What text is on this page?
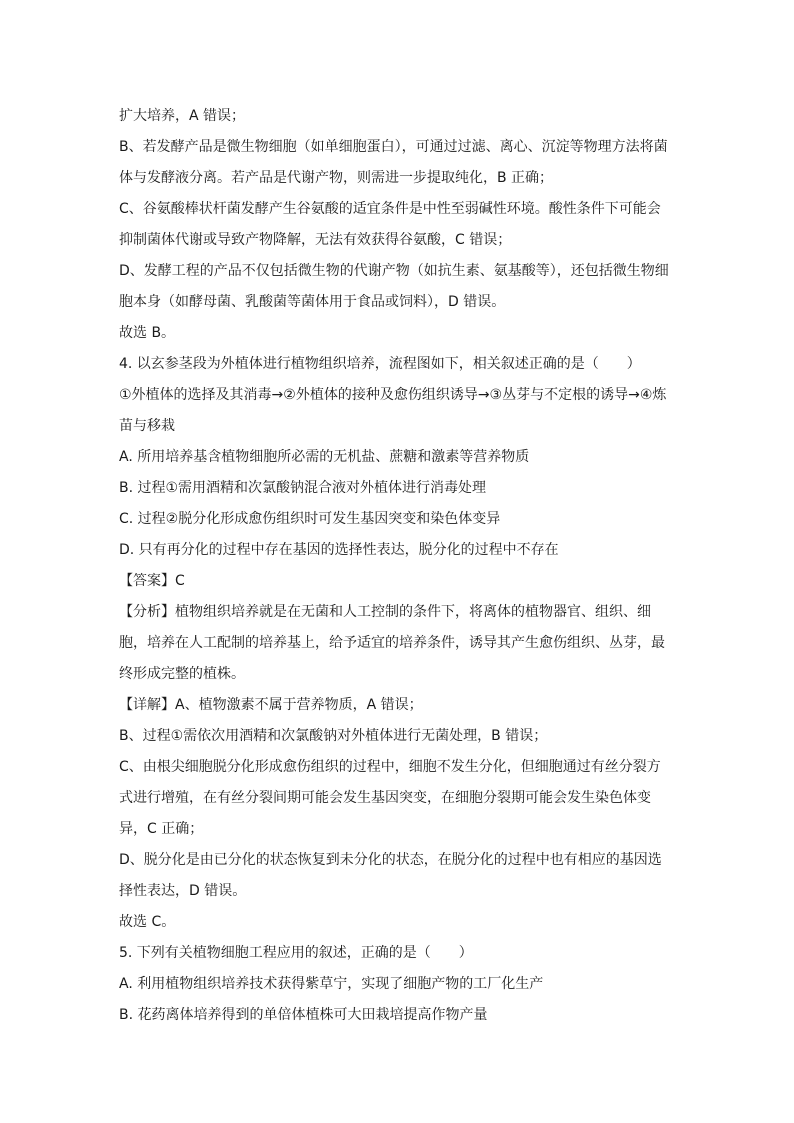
扩大培养，A 错误；

B、若发酵产品是微生物细胞（如单细胞蛋白），可通过过滤、离心、沉淀等物理方法将菌

体与发酵液分离。若产品是代谢产物，则需进一步提取纯化，B 正确；

C、谷氨酸棒状杆菌发酵产生谷氨酸的适宜条件是中性至弱碱性环境。酸性条件下可能会

抑制菌体代谢或导致产物降解，无法有效获得谷氨酸，C 错误；

D、发酵工程的产品不仅包括微生物的代谢产物（如抗生素、氨基酸等），还包括微生物细

胞本身（如酵母菌、乳酸菌等菌体用于食品或饲料），D 错误。

故选 B。

4. 以玄参茎段为外植体进行植物组织培养，流程图如下，相关叙述正确的是（　　）

①外植体的选择及其消毒→②外植体的接种及愈伤组织诱导→③丛芽与不定根的诱导→④炼

苗与移栽

A. 所用培养基含植物细胞所必需的无机盐、蔗糖和激素等营养物质

B. 过程①需用酒精和次氯酸钠混合液对外植体进行消毒处理

C. 过程②脱分化形成愈伤组织时可发生基因突变和染色体变异

D. 只有再分化的过程中存在基因的选择性表达，脱分化的过程中不存在

【答案】C

【分析】植物组织培养就是在无菌和人工控制的条件下，将离体的植物器官、组织、细

胞，培养在人工配制的培养基上，给予适宜的培养条件，诱导其产生愈伤组织、丛芽，最

终形成完整的植株。

【详解】A、植物激素不属于营养物质，A 错误；

B、过程①需依次用酒精和次氯酸钠对外植体进行无菌处理，B 错误；

C、由根尖细胞脱分化形成愈伤组织的过程中，细胞不发生分化，但细胞通过有丝分裂方

式进行增殖，在有丝分裂间期可能会发生基因突变，在细胞分裂期可能会发生染色体变

异，C 正确；

D、脱分化是由已分化的状态恢复到未分化的状态，在脱分化的过程中也有相应的基因选

择性表达，D 错误。

故选 C。

5. 下列有关植物细胞工程应用的叙述，正确的是（　　）

A. 利用植物组织培养技术获得紫草宁，实现了细胞产物的工厂化生产

B. 花药离体培养得到的单倍体植株可大田栽培提高作物产量
